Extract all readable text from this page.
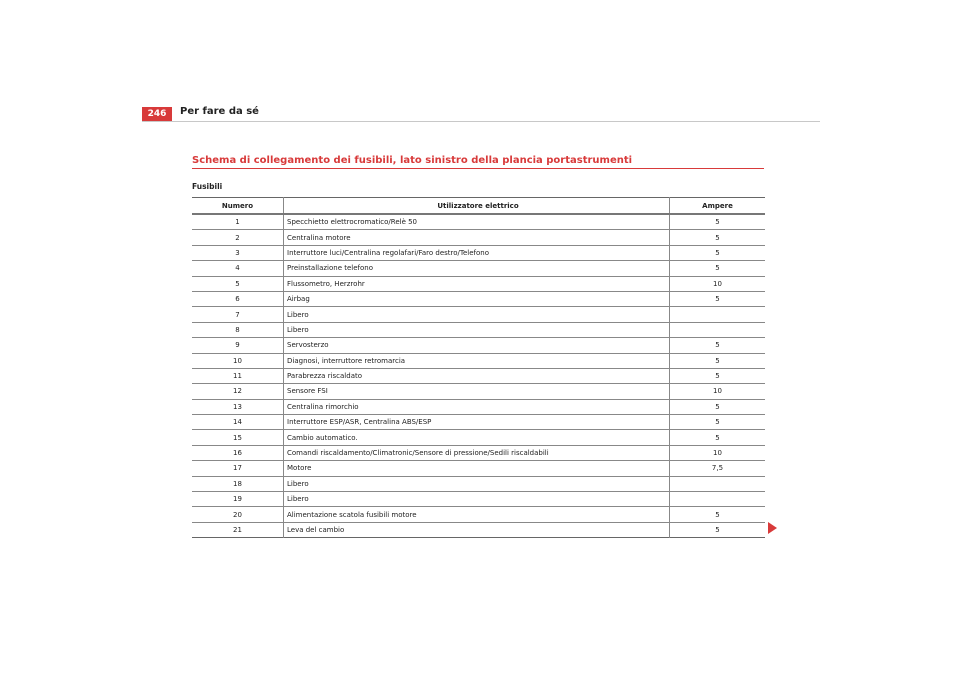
246	Per fare da sé
Schema di collegamento dei fusibili, lato sinistro della plancia portastrumenti
Fusibili
Numero	Utilizzatore elettrico	Ampere
1	Specchietto elettrocromatico/Relè 50	5
2	Centralina motore	5
3	Interruttore luci/Centralina regolafari/Faro destro/Telefono	5
4	Preinstallazione telefono	5
5	Flussometro, Herzrohr	10
6	Airbag	5
7	Libero	
8	Libero	
9	Servosterzo	5
10	Diagnosi, interruttore retromarcia	5
11	Parabrezza riscaldato	5
12	Sensore FSI	10
13	Centralina rimorchio	5
14	Interruttore ESP/ASR, Centralina ABS/ESP	5
15	Cambio automatico.	5
16	Comandi riscaldamento/Climatronic/Sensore di pressione/Sedili riscaldabili	10
17	Motore	7,5
18	Libero	
19	Libero	
20	Alimentazione scatola fusibili motore	5
21	Leva del cambio	5
